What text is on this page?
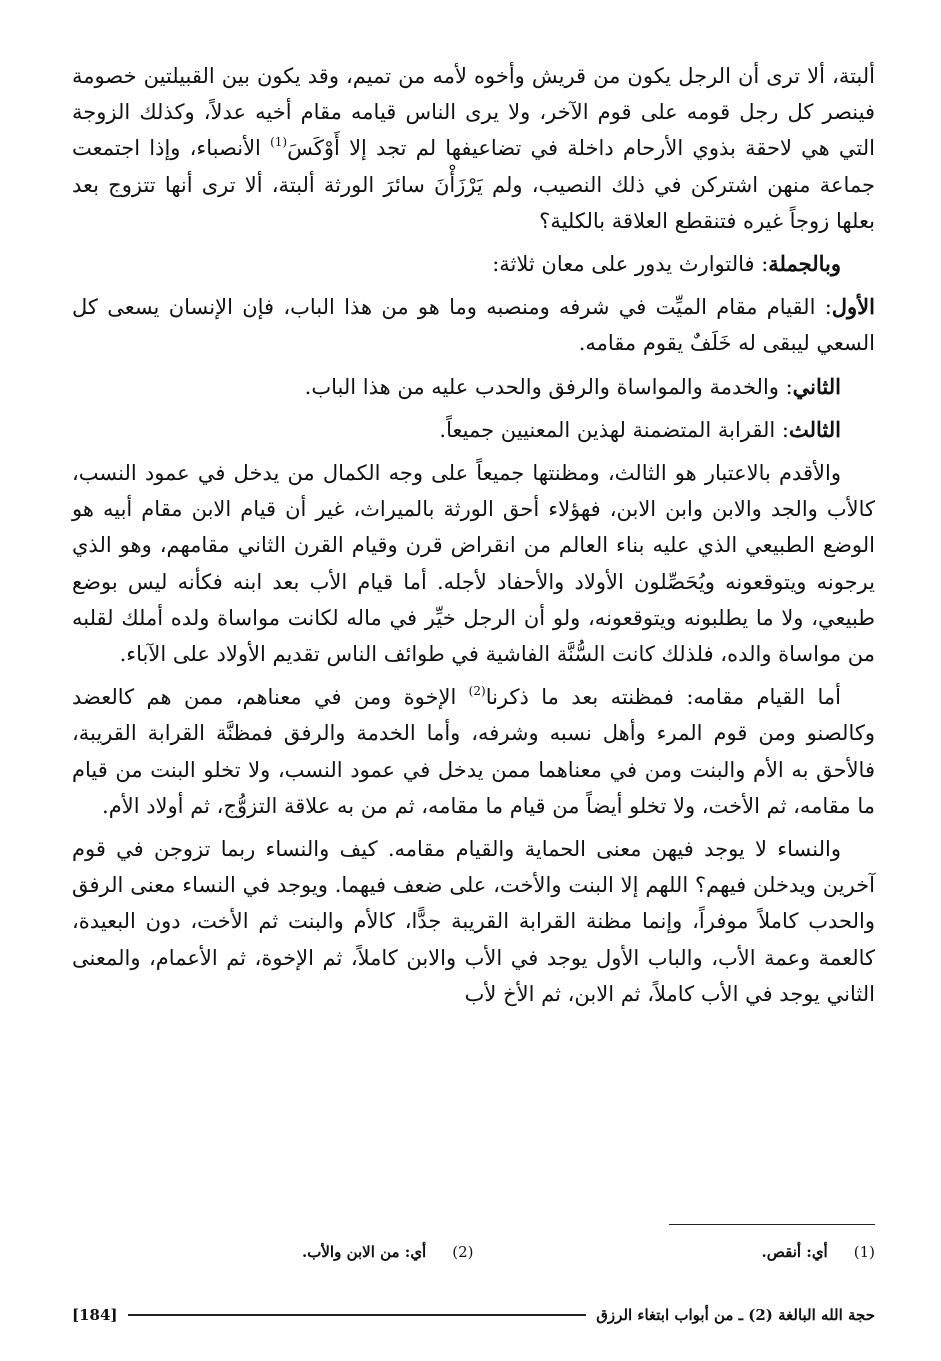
ألبتة، ألا ترى أن الرجل يكون من قريش وأخوه لأمه من تميم، وقد يكون بين القبيلتين خصومة فينصر كل رجل قومه على قوم الآخر، ولا يرى الناس قيامه مقام أخيه عدلاً، وكذلك الزوجة التي هي لاحقة بذوي الأرحام داخلة في تضاعيفها لم تجد إلا أَوْكَسَ$^{(1)}$ الأنصباء، وإذا اجتمعت جماعة منهن اشتركن في ذلك النصيب، ولم يَرْزَأْنَ سائرَ الورثة ألبتة، ألا ترى أنها تتزوج بعد بعلها زوجاً غيره فتنقطع العلاقة بالكلية؟

وبالجملة: فالتوارث يدور على معان ثلاثة:

الأول: القيام مقام الميِّت في شرفه ومنصبه وما هو من هذا الباب، فإن الإنسان يسعى كل السعي ليبقى له خَلَفٌ يقوم مقامه.

الثاني: والخدمة والمواساة والرفق والحدب عليه من هذا الباب.

الثالث: القرابة المتضمنة لهذين المعنيين جميعاً.

والأقدم بالاعتبار هو الثالث، ومظنتها جميعاً على وجه الكمال من يدخل في عمود النسب، كالأب والجد والابن وابن الابن، فهؤلاء أحق الورثة بالميراث، غير أن قيام الابن مقام أبيه هو الوضع الطبيعي الذي عليه بناء العالم من انقراض قرن وقيام القرن الثاني مقامهم، وهو الذي يرجونه ويتوقعونه ويُحَصِّلون الأولاد والأحفاد لأجله. أما قيام الأب بعد ابنه فكأنه ليس بوضع طبيعي، ولا ما يطلبونه ويتوقعونه، ولو أن الرجل خيِّر في ماله لكانت مواساة ولده أملك لقلبه من مواساة والده، فلذلك كانت السُّنَّة الفاشية في طوائف الناس تقديم الأولاد على الآباء.

أما القيام مقامه: فمظنته بعد ما ذكرنا$^{(2)}$ الإخوة ومن في معناهم، ممن هم كالعضد وكالصنو ومن قوم المرء وأهل نسبه وشرفه، وأما الخدمة والرفق فمظنَّة القرابة القريبة، فالأحق به الأم والبنت ومن في معناهما ممن يدخل في عمود النسب، ولا تخلو البنت من قيام ما مقامه، ثم الأخت، ولا تخلو أيضاً من قيام ما مقامه، ثم من به علاقة التزوُّج، ثم أولاد الأم.

والنساء لا يوجد فيهن معنى الحماية والقيام مقامه. كيف والنساء ربما تزوجن في قوم آخرين ويدخلن فيهم؟ اللهم إلا البنت والأخت، على ضعف فيهما. ويوجد في النساء معنى الرفق والحدب كاملاً موفراً، وإنما مظنة القرابة القريبة جدًّا، كالأم والبنت ثم الأخت، دون البعيدة، كالعمة وعمة الأب، والباب الأول يوجد في الأب والابن كاملاً، ثم الإخوة، ثم الأعمام، والمعنى الثاني يوجد في الأب كاملاً، ثم الابن، ثم الأخ لأب

(1)
أي: أنقص.
(2)
أي: من الابن والأب.
حجة الله البالغة (2) ـ من أبواب ابتغاء الرزق
[184]
